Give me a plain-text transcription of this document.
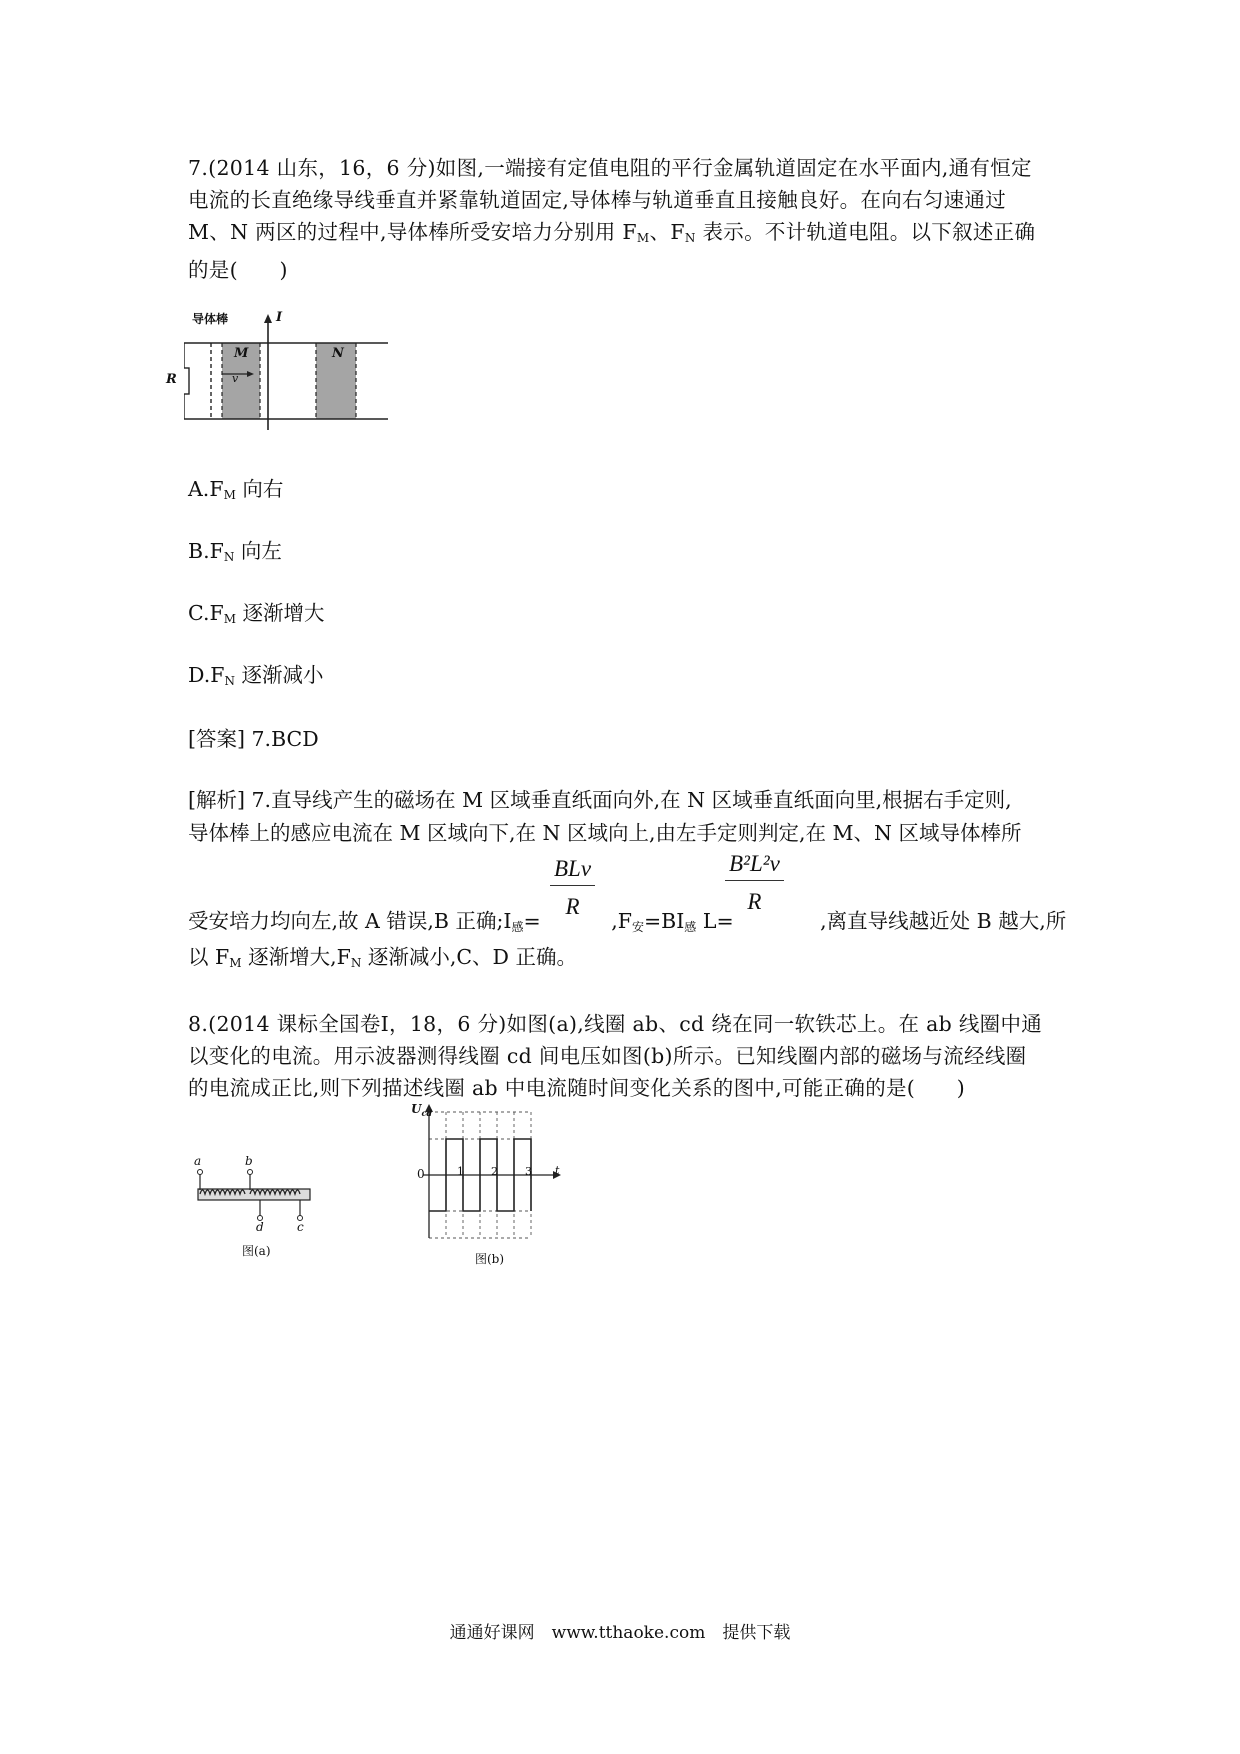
7.(2014 山东，16，6 分)如图,一端接有定值电阻的平行金属轨道固定在水平面内,通有恒定
电流的长直绝缘导线垂直并紧靠轨道固定,导体棒与轨道垂直且接触良好。在向右匀速通过
M、N 两区的过程中,导体棒所受安培力分别用 $F_M$、$F_N$ 表示。不计轨道电阻。以下叙述正确
的是(　　)
导体棒	I
R
M	N
v
$A.F_M$ 向右
$B.F_N$ 向左
$C.F_M$ 逐渐增大
$D.F_N$ 逐渐减小
[答案] 7.BCD
[解析] 7.直导线产生的磁场在 M 区域垂直纸面向外,在 N 区域垂直纸面向里,根据右手定则,
导体棒上的感应电流在 M 区域向下,在 N 区域向上,由左手定则判定,在 M、N 区域导体棒所
BLv
R	$\frac{\text{B²L²v}}{R}$
受安培力均向左,故 A 错误,B 正确$;I_感=$	$,F_安=BI_感$ L=	,离直导线越近处 B 越大,所
以 $F_M$ 逐渐增大$,F_N$ 逐渐减小,C、D 正确。
8.(2014 课标全国卷Ⅰ，18，6 分)如图(a),线圈 ab、cd 绕在同一软铁芯上。在 ab 线圈中通
以变化的电流。用示波器测得线圈 cd 间电压如图(b)所示。已知线圈内部的磁场与流经线圈
的电流成正比,则下列描述线圈 ab 中电流随时间变化关系的图中,可能正确的是(　　)
a	b
d	c
图(a)
$U_{cd}$
0	1 2 3 t
图(b)
通通好课网　www.tthaoke.com　提供下载
